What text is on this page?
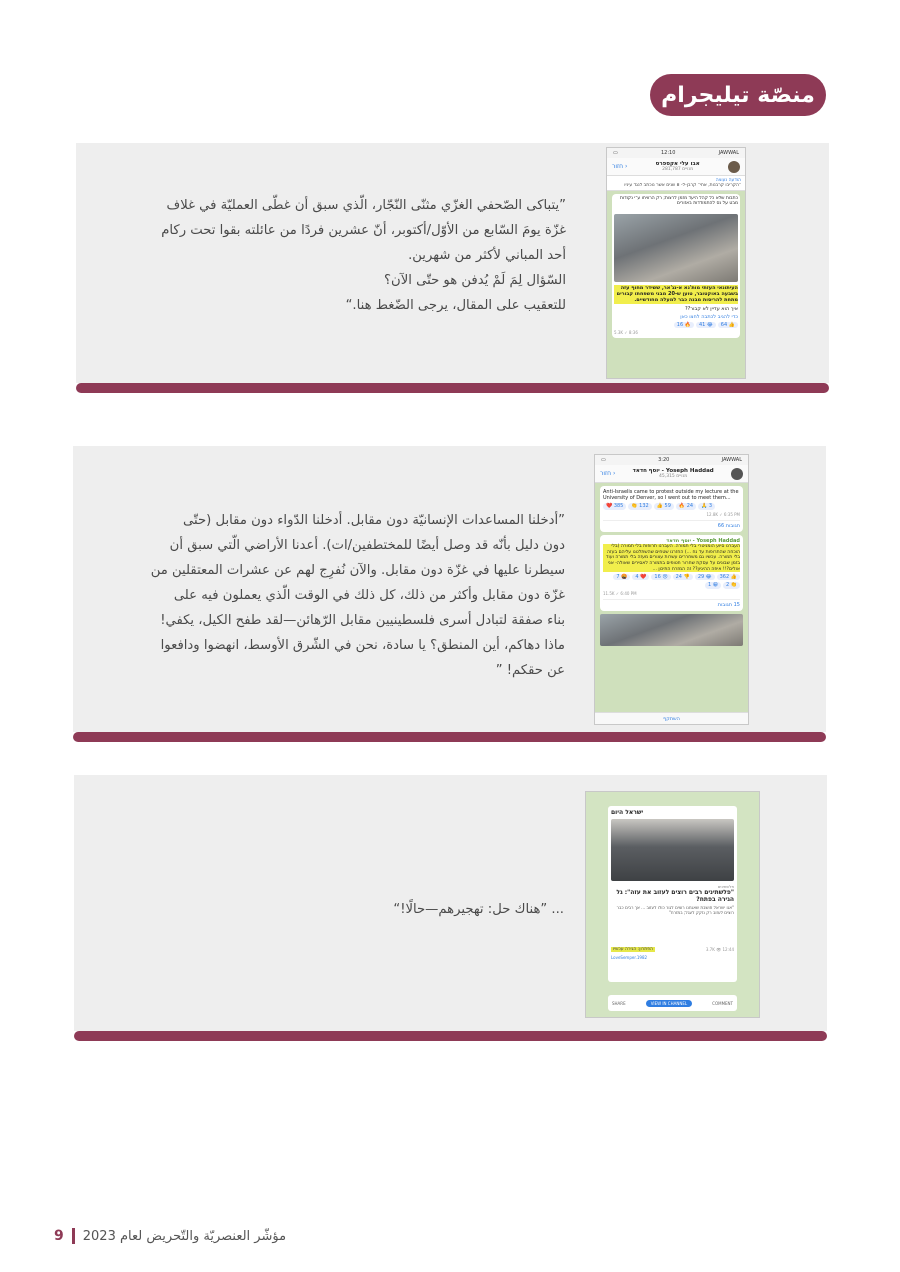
منصّة تيليجرام
”يتباكى الصّحفي الغزّي مثنّى النّجّار، الّذي سبق أن غطّى العمليّة في غلاف
غزّة يومَ السّابع من الأوّل/أكتوبر، أنّ عشرين فردًا من عائلته بقوا تحت ركام
أحد المباني لأكثر من شهرين.
السّؤال لِمَ لَمْ يُدفن هو حتّى الآن؟
للتعقيب على المقال، يرجى الضّغط هنا.“
JAWWAL
12:10
▭
אבו עלי אקספרס
מנויים 281,787
‹ חזור
הודעה נעוצה
"הקריבו קרבנות, אחי" קרבן-ל- 8 שנים אשר נוכתב לנגד עיניו
כתבות שלא כל קהל היעד מזמן לרצות; רק הרוויחו ע"י נקודות מבט על נס להתמודדות באזורים
העיתונאי העזתי מות'נא א-נג'אר, ששידר מחוף עזה בשבעה באוקטובר, טוען ש-20 מבני משפחתו קבורים מתחת להריסות מבנה כבר למעלה מחודשיים.
איך הוא עדיין לא קבור??
כדי להגיב לכתבה לחצו כאן
👍 64
😂 41
🔥 16
8:36 ✓ 5.3K
”أدخلنا المساعدات الإنسانيّة دون مقابل. أدخلنا الدّواء دون مقابل (حتّى
دون دليل بأنّه قد وصل أيضًا للمختطفين/ات). أعدنا الأراضي الّتي سبق أن
سيطرنا عليها في غزّة دون مقابل. والآن نُفرِج لهم عن عشرات المعتقلين من
غزّة دون مقابل وأكثر من ذلك، كل ذلك في الوقت الّذي يعملون فيه على
بناء صفقة لتبادل أسرى فلسطينيين مقابل الرّهائن—لقد طفح الكيل، يكفي!
ماذا دهاكم، أين المنطق؟ يا سادة، نحن في الشّرق الأوسط، انهضوا ودافعوا
عن حقكم! ”
JAWWAL
3:20
▭
Yoseph Haddad - יוסף חדאד
מנויים 45,315
‹ חזור
Anti-Israelis came to protest outside my lecture at the University of Denver, so I went out to meet them...
❤️ 385	👏 132	👍 59	🔥 24	🙏 3
12.8K ✓ 6:35 PM
66 תגובות
Yoseph Haddad - יוסף חדאד
העברנו סיוע הומניטרי בלי תמורה. העברנו תרופות בלי תמורה (בלי הוכחה שהתרופות עד נח ...) החזרנו שטחים שהשתלטנו עליהם בעזה בלי תמורה. עכשיו גם משחררים עשרות עצורים מעזה בלי תמורה ועוד בזמן שבונים על עסקת שחרור חטופים בתמורה לאסירים שאולה- אני אולים?!! איפה ההיגיון?? זה המזרח התיכון ...
👍 362
😂 29
👎 24
😢 16
❤️ 4
🤬 7
👏 2
😁 1
11.5K ✓ 6:40 PM
15 תגובות
השתקף
... ”هناك حل: تهجيرهم—حالًا!“
ישראל היום
פלשתינים
"פלשתינים רבים רוצים לעזוב את עזה": גל הגירה בפתח?
"אנו ישראל חושבת שאנחנו רוצים לגור כולו לעזוב ... אך רבים כבר רוצים לעזוב רק נזקק לעגל; במזרח"
3.7K 👁 12:44
הפתרון: הגירה עכשיו
LoveSemper.1982
SHARE	VIEW IN CHANNEL	COMMENT
9 مؤشّر العنصريّة والتّحريض لعام 2023
